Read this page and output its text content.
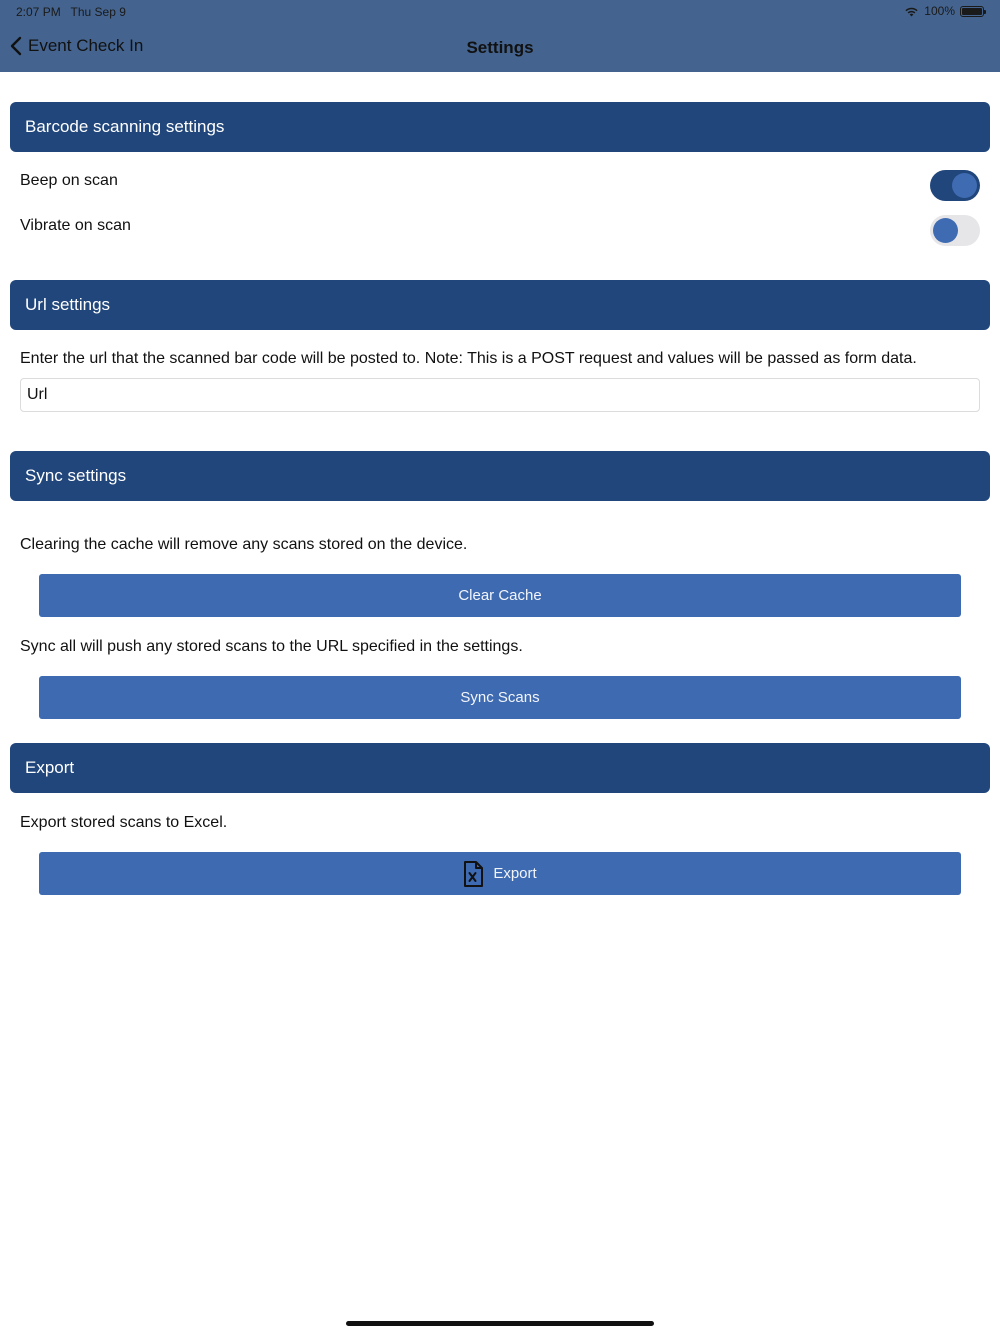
2:07 PM Thu Sep 9	100%
Event Check In	Settings
Barcode scanning settings
Beep on scan
Vibrate on scan
Url settings
Enter the url that the scanned bar code will be posted to. Note: This is a POST request and values will be passed as form data.
Url
Sync settings
Clearing the cache will remove any scans stored on the device.
Clear Cache
Sync all will push any stored scans to the URL specified in the settings.
Sync Scans
Export
Export stored scans to Excel.
Export
